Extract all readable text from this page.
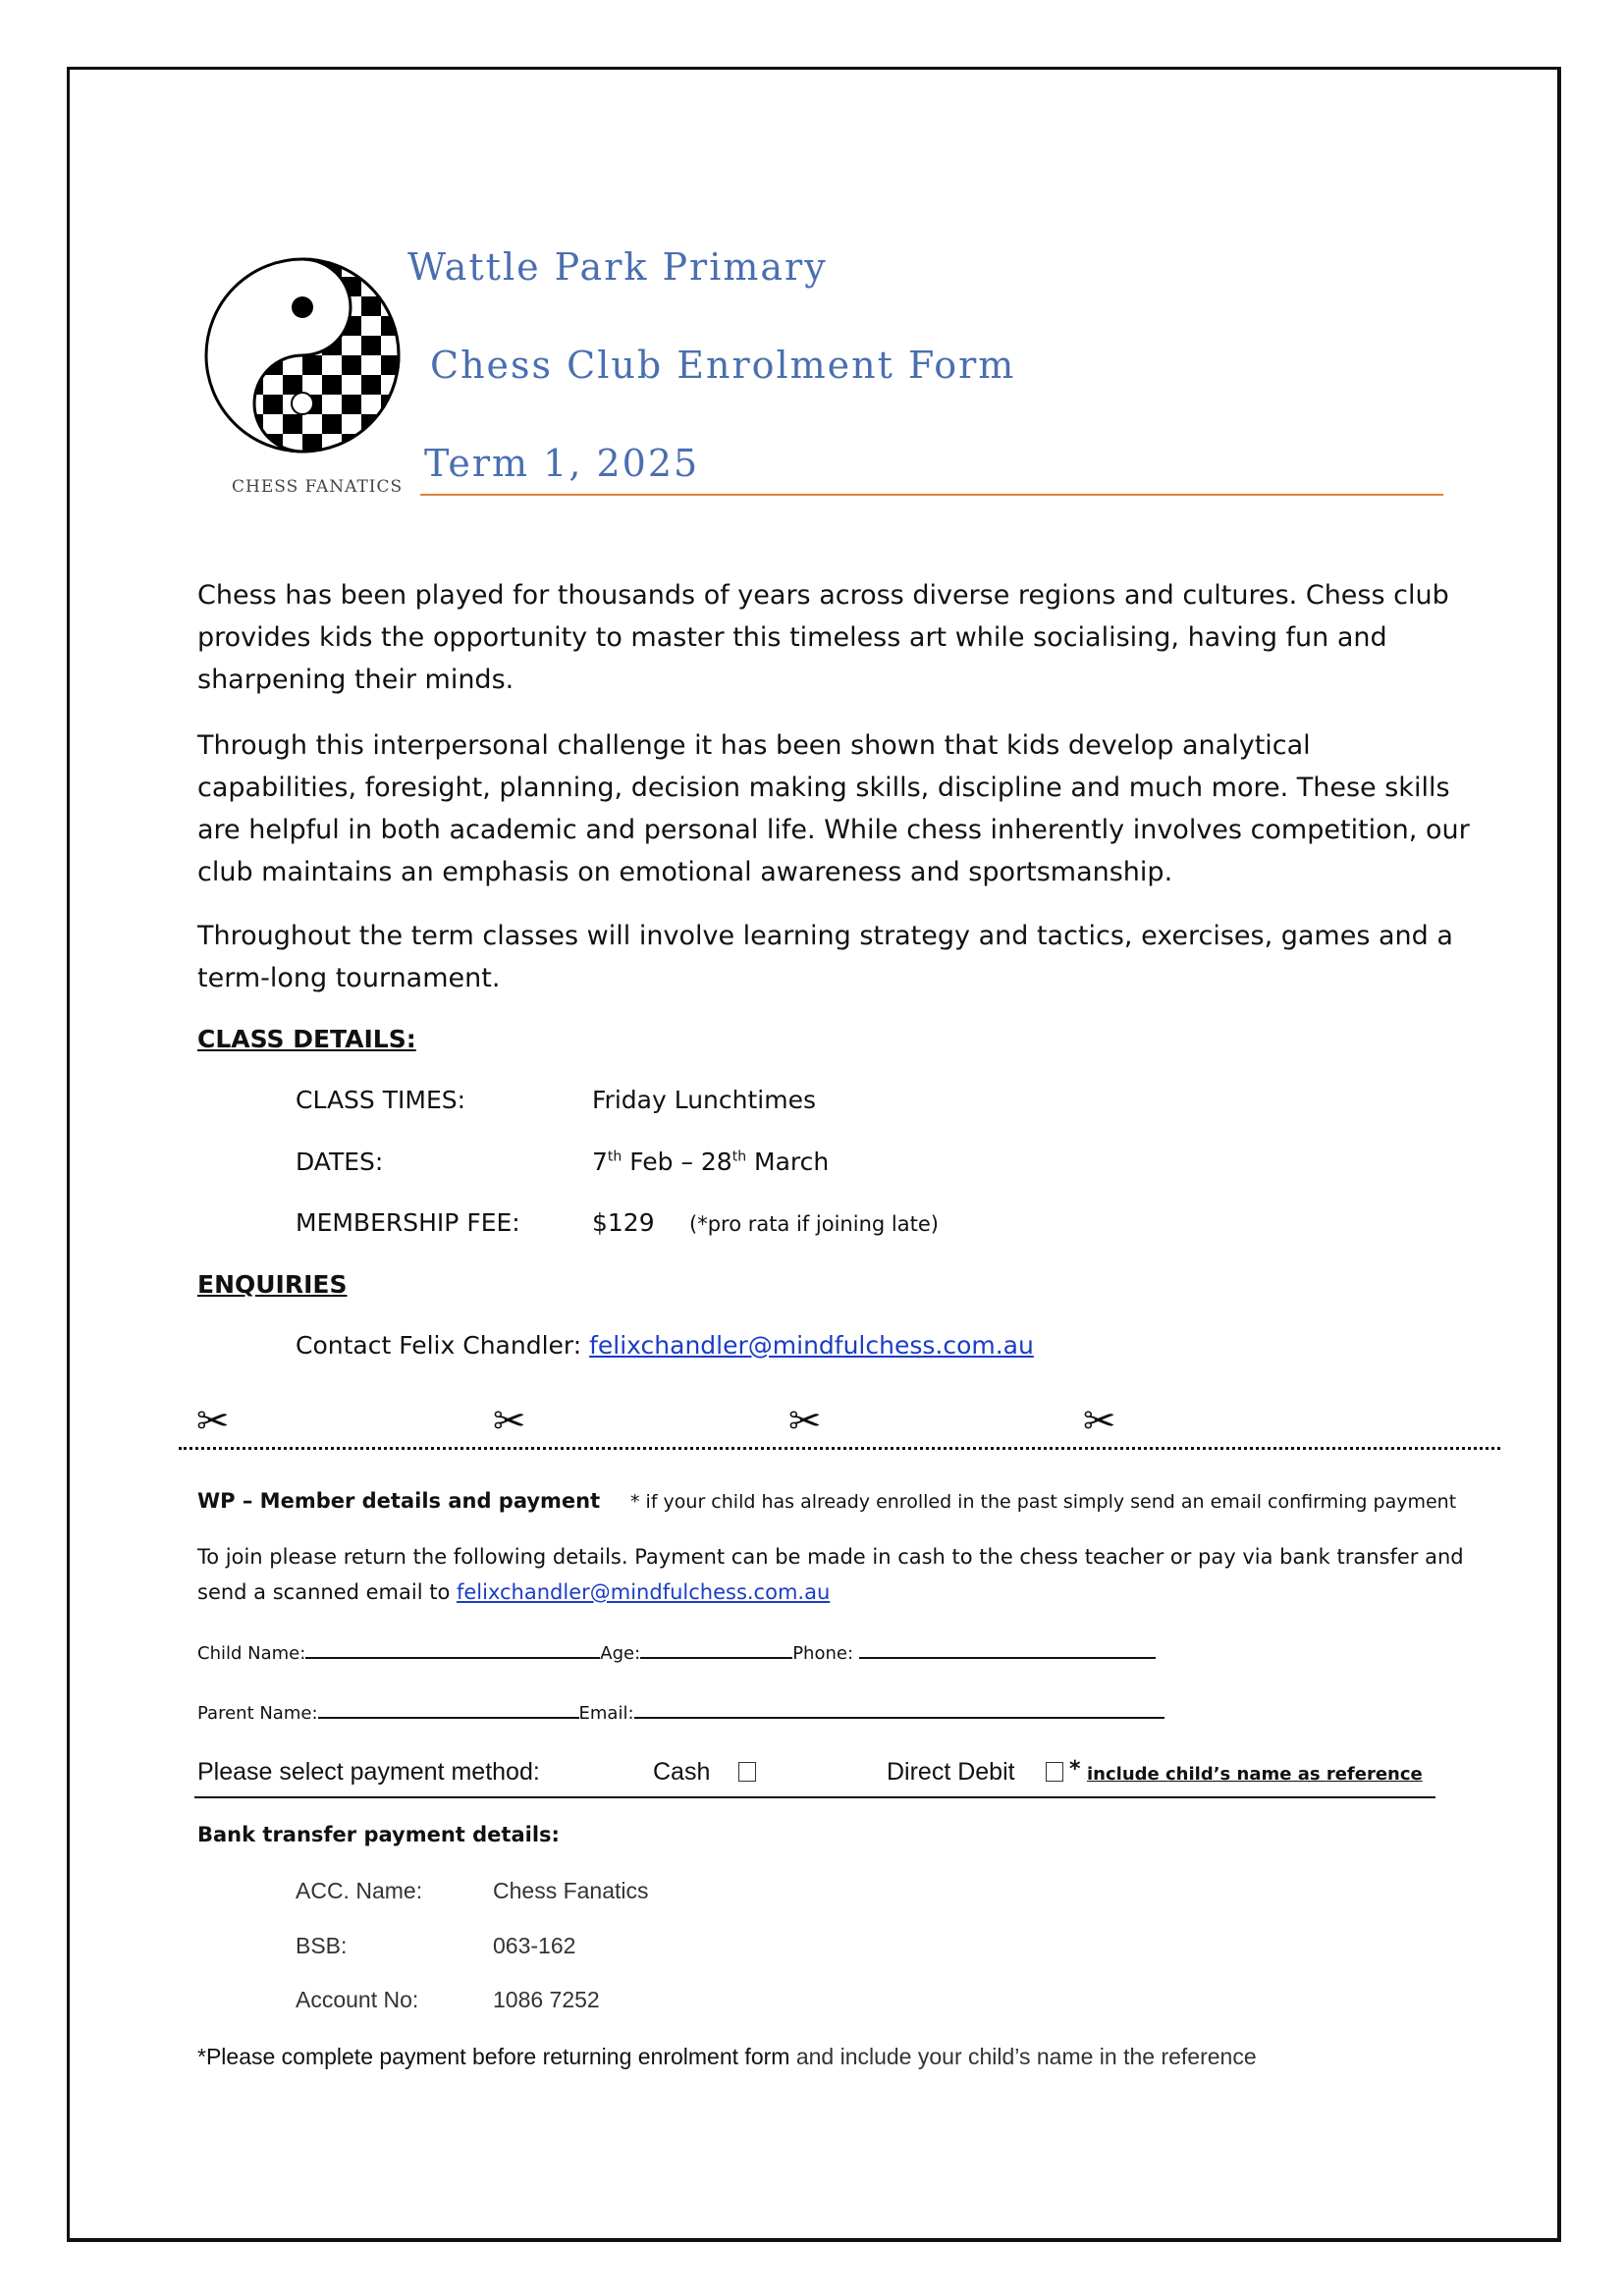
CHESS FANATICS
Wattle Park Primary
Chess Club Enrolment Form
Term 1, 2025
Chess has been played for thousands of years across diverse regions and cultures. Chess club provides kids the opportunity to master this timeless art while socialising, having fun and sharpening their minds.
Through this interpersonal challenge it has been shown that kids develop analytical capabilities, foresight, planning, decision making skills, discipline and much more. These skills are helpful in both academic and personal life. While chess inherently involves competition, our club maintains an emphasis on emotional awareness and sportsmanship.
Throughout the term classes will involve learning strategy and tactics, exercises, games and a term-long tournament.
CLASS DETAILS:
CLASS TIMES:	Friday Lunchtimes
DATES:	7th Feb – 28th March
MEMBERSHIP FEE:	$129 (*pro rata if joining late)
ENQUIRIES
Contact Felix Chandler: felixchandler@mindfulchess.com.au
✂	✂	✂	✂
WP – Member details and payment * if your child has already enrolled in the past simply send an email confirming payment
To join please return the following details. Payment can be made in cash to the chess teacher or pay via bank transfer and
send a scanned email to felixchandler@mindfulchess.com.au
Child Name:	Age:	Phone:
Parent Name:	Email:
Please select payment method:	Cash	Direct Debit	* include child’s name as reference
Bank transfer payment details:
ACC. Name:	Chess Fanatics
BSB:	063-162
Account No:	1086 7252
*Please complete payment before returning enrolment form and include your child’s name in the reference
